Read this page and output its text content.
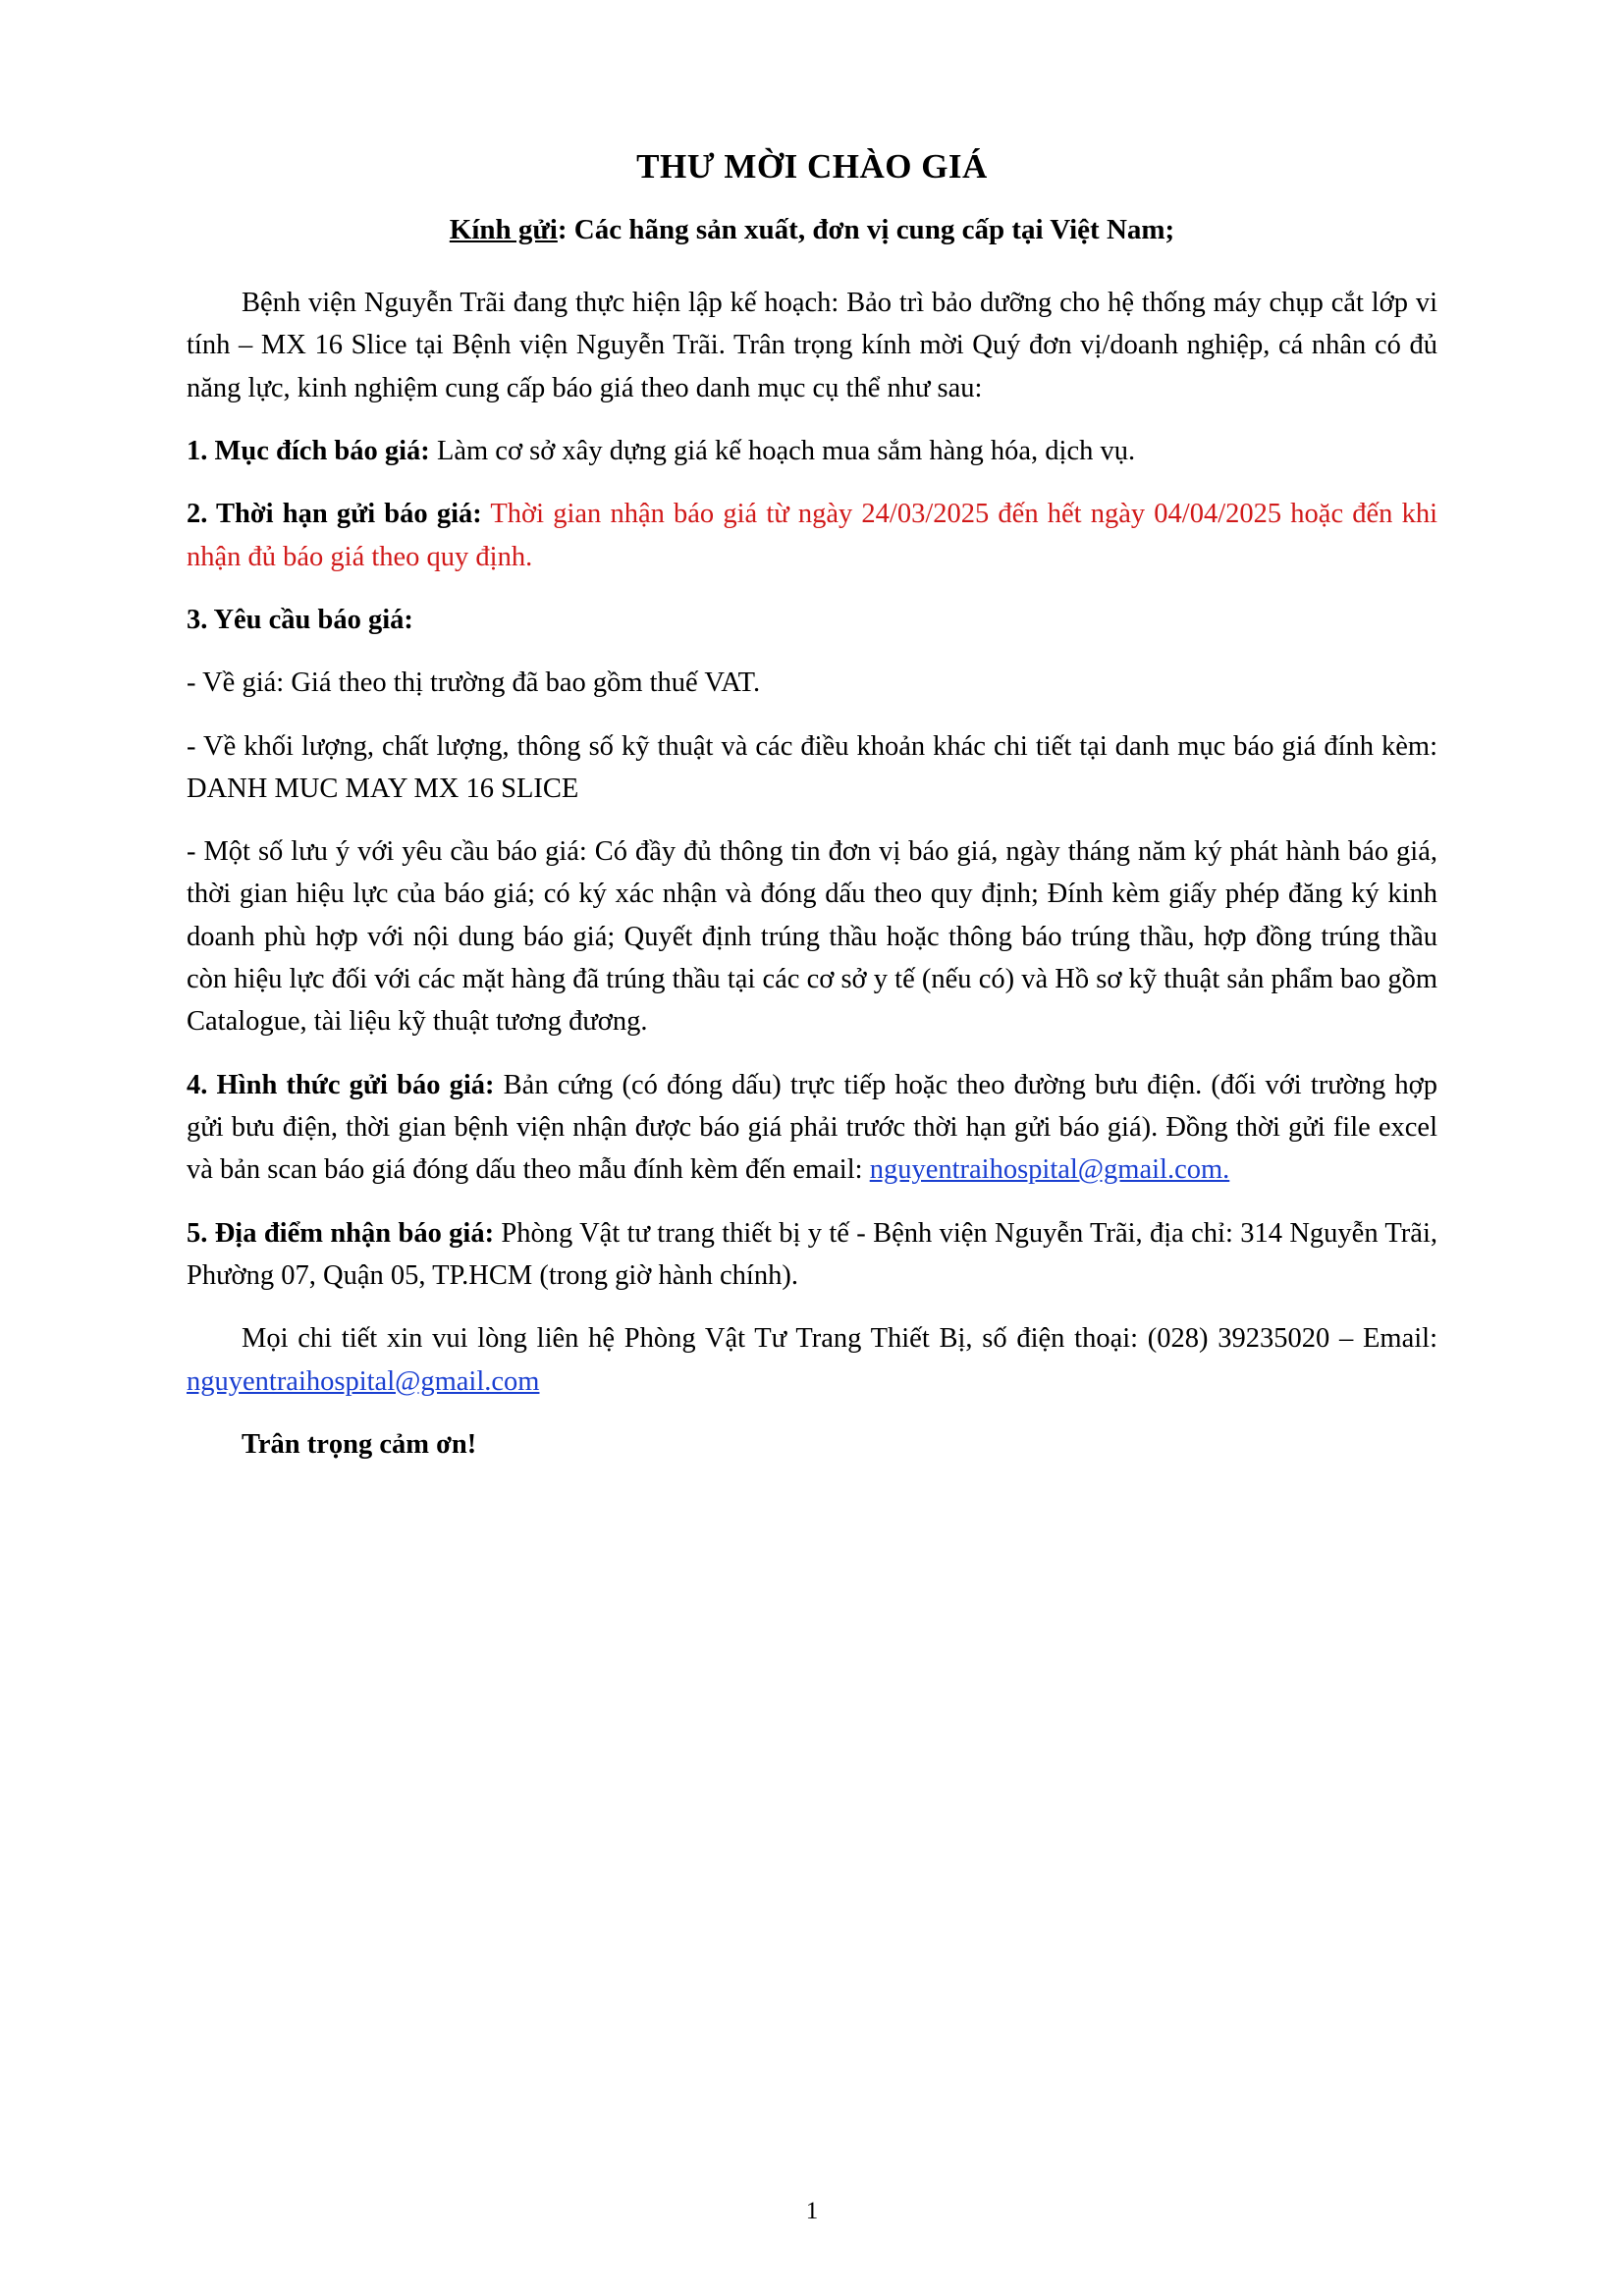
THƯ MỜI CHÀO GIÁ
Kính gửi: Các hãng sản xuất, đơn vị cung cấp tại Việt Nam;

Bệnh viện Nguyễn Trãi đang thực hiện lập kế hoạch: Bảo trì bảo dưỡng cho hệ thống máy chụp cắt lớp vi tính – MX 16 Slice tại Bệnh viện Nguyễn Trãi. Trân trọng kính mời Quý đơn vị/doanh nghiệp, cá nhân có đủ năng lực, kinh nghiệm cung cấp báo giá theo danh mục cụ thể như sau:

1. Mục đích báo giá: Làm cơ sở xây dựng giá kế hoạch mua sắm hàng hóa, dịch vụ.

2. Thời hạn gửi báo giá: Thời gian nhận báo giá từ ngày 24/03/2025 đến hết ngày 04/04/2025 hoặc đến khi nhận đủ báo giá theo quy định.

3. Yêu cầu báo giá:

- Về giá: Giá theo thị trường đã bao gồm thuế VAT.

- Về khối lượng, chất lượng, thông số kỹ thuật và các điều khoản khác chi tiết tại danh mục báo giá đính kèm: DANH MUC MAY MX 16 SLICE

- Một số lưu ý với yêu cầu báo giá: Có đầy đủ thông tin đơn vị báo giá, ngày tháng năm ký phát hành báo giá, thời gian hiệu lực của báo giá; có ký xác nhận và đóng dấu theo quy định; Đính kèm giấy phép đăng ký kinh doanh phù hợp với nội dung báo giá; Quyết định trúng thầu hoặc thông báo trúng thầu, hợp đồng trúng thầu còn hiệu lực đối với các mặt hàng đã trúng thầu tại các cơ sở y tế (nếu có) và Hồ sơ kỹ thuật sản phẩm bao gồm Catalogue, tài liệu kỹ thuật tương đương.

4. Hình thức gửi báo giá: Bản cứng (có đóng dấu) trực tiếp hoặc theo đường bưu điện. (đối với trường hợp gửi bưu điện, thời gian bệnh viện nhận được báo giá phải trước thời hạn gửi báo giá). Đồng thời gửi file excel và bản scan báo giá đóng dấu theo mẫu đính kèm đến email: nguyentraihospital@gmail.com.

5. Địa điểm nhận báo giá: Phòng Vật tư trang thiết bị y tế - Bệnh viện Nguyễn Trãi, địa chỉ: 314 Nguyễn Trãi, Phường 07, Quận 05, TP.HCM (trong giờ hành chính).

Mọi chi tiết xin vui lòng liên hệ Phòng Vật Tư Trang Thiết Bị, số điện thoại: (028) 39235020 – Email: nguyentraihospital@gmail.com

Trân trọng cảm ơn!

1
